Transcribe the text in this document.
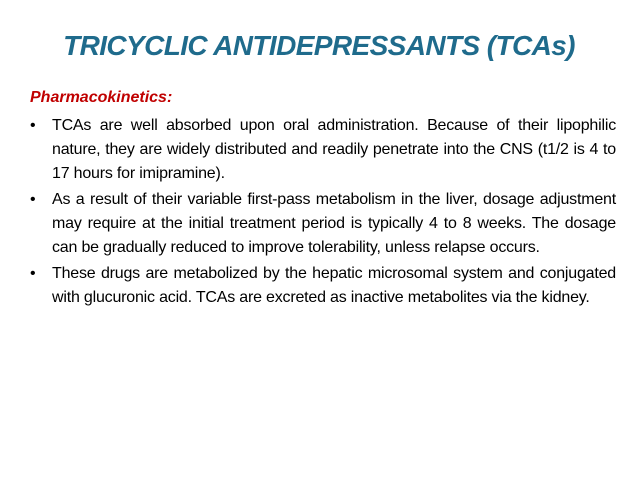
TRICYCLIC ANTIDEPRESSANTS (TCAs)
Pharmacokinetics:
• TCAs are well absorbed upon oral administration. Because of their lipophilic nature, they are widely distributed and readily penetrate into the CNS (t1/2 is 4 to 17 hours for imipramine).
• As a result of their variable first-pass metabolism in the liver, dosage adjustment may require at the initial treatment period is typically 4 to 8 weeks. The dosage can be gradually reduced to improve tolerability, unless relapse occurs.
• These drugs are metabolized by the hepatic microsomal system and conjugated with glucuronic acid. TCAs are excreted as inactive metabolites via the kidney.
